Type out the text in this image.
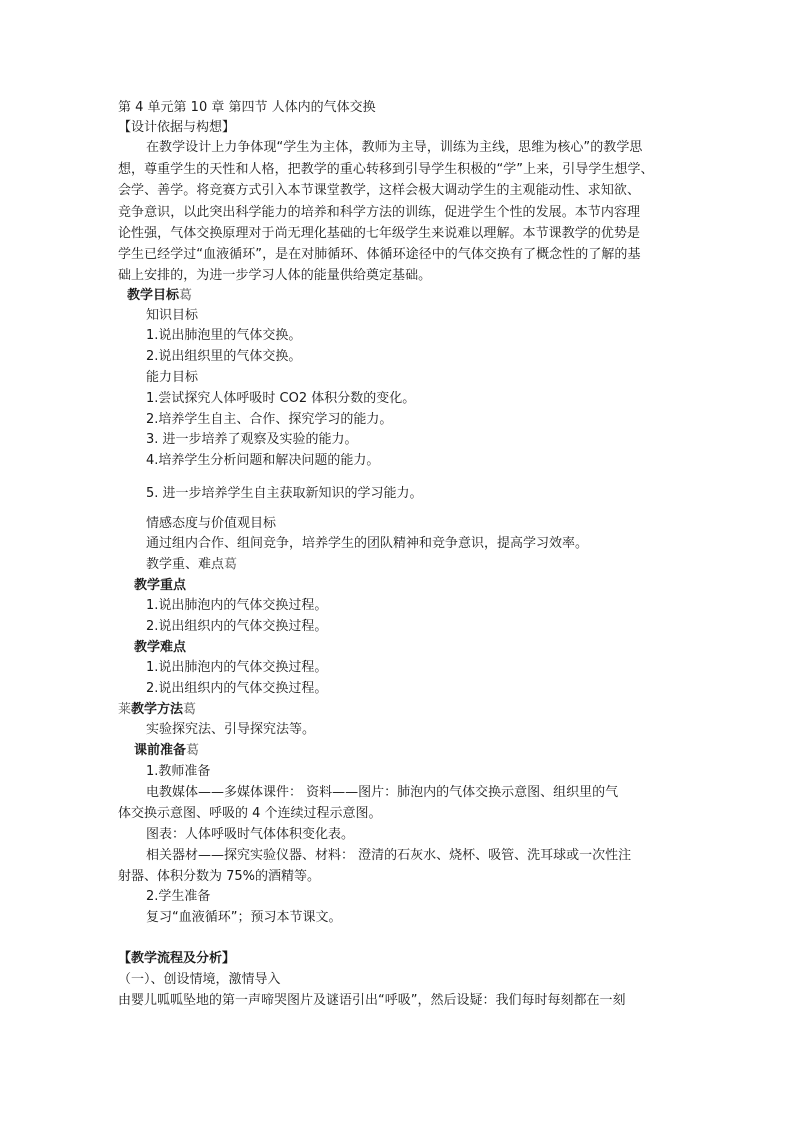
第 4 单元第 10 章 第四节 人体内的气体交换
【设计依据与构想】
在教学设计上力争体现“学生为主体，教师为主导，训练为主线，思维为核心”的教学思
想，尊重学生的天性和人格，把教学的重心转移到引导学生积极的“学”上来，引导学生想学、
会学、善学。将竞赛方式引入本节课堂教学，这样会极大调动学生的主观能动性、求知欲、
竞争意识，以此突出科学能力的培养和科学方法的训练，促进学生个性的发展。本节内容理
论性强，气体交换原理对于尚无理化基础的七年级学生来说难以理解。本节课教学的优势是
学生已经学过“血液循环”，是在对肺循环、体循环途径中的气体交换有了概念性的了解的基
础上安排的，为进一步学习人体的能量供给奠定基础。
教学目标葛
知识目标
1.说出肺泡里的气体交换。
2.说出组织里的气体交换。
能力目标
1.尝试探究人体呼吸时 CO2 体积分数的变化。
2.培养学生自主、合作、探究学习的能力。
3. 进一步培养了观察及实验的能力。
4.培养学生分析问题和解决问题的能力。
5. 进一步培养学生自主获取新知识的学习能力。
情感态度与价值观目标
通过组内合作、组间竞争，培养学生的团队精神和竞争意识，提高学习效率。
教学重、难点葛
教学重点
1.说出肺泡内的气体交换过程。
2.说出组织内的气体交换过程。
教学难点
1.说出肺泡内的气体交换过程。
2.说出组织内的气体交换过程。
莱教学方法葛
实验探究法、引导探究法等。
课前准备葛
1.教师准备
电教媒体——多媒体课件： 资料——图片：肺泡内的气体交换示意图、组织里的气
体交换示意图、呼吸的 4 个连续过程示意图。
图表：人体呼吸时气体体积变化表。
相关器材——探究实验仪器、材料： 澄清的石灰水、烧杯、吸管、洗耳球或一次性注
射器、体积分数为 75%的酒精等。
2.学生准备
复习“血液循环”；预习本节课文。
【教学流程及分析】
（一）、创设情境，激情导入
由婴儿呱呱坠地的第一声啼哭图片及谜语引出“呼吸”，然后设疑：我们每时每刻都在一刻
